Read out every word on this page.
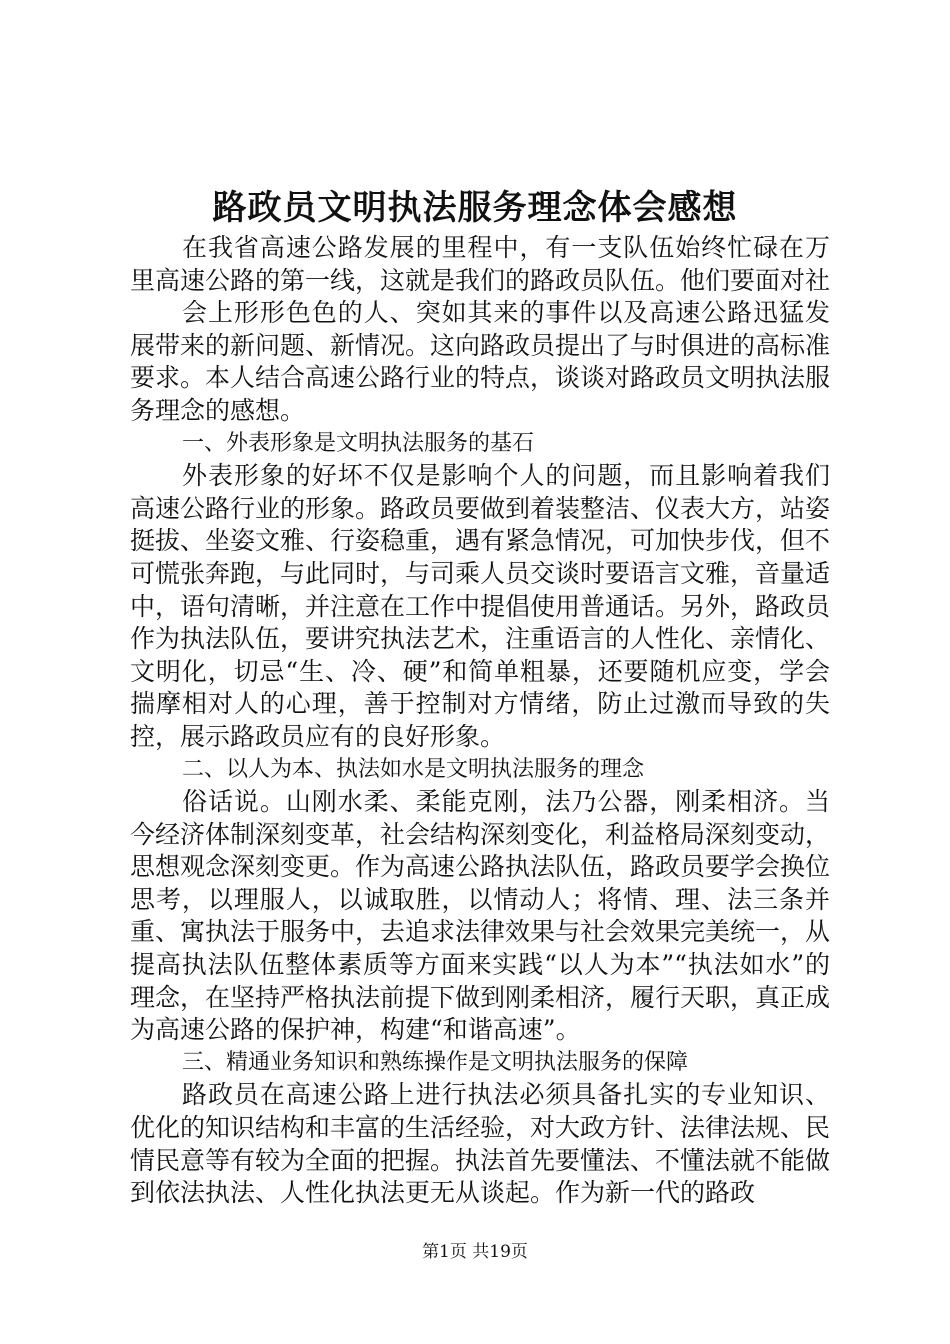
路政员文明执法服务理念体会感想

在我省高速公路发展的里程中，有一支队伍始终忙碌在万里高速公路的第一线，这就是我们的路政员队伍。他们要面对社

会上形形色色的人、突如其来的事件以及高速公路迅猛发展带来的新问题、新情况。这向路政员提出了与时俱进的高标准要求。本人结合高速公路行业的特点，谈谈对路政员文明执法服务理念的感想。

一、外表形象是文明执法服务的基石

外表形象的好坏不仅是影响个人的问题，而且影响着我们高速公路行业的形象。路政员要做到着装整洁、仪表大方，站姿挺拔、坐姿文雅、行姿稳重，遇有紧急情况，可加快步伐，但不可慌张奔跑，与此同时，与司乘人员交谈时要语言文雅，音量适中，语句清晰，并注意在工作中提倡使用普通话。另外，路政员作为执法队伍，要讲究执法艺术，注重语言的人性化、亲情化、文明化，切忌“生、冷、硬”和简单粗暴，还要随机应变，学会揣摩相对人的心理，善于控制对方情绪，防止过激而导致的失控，展示路政员应有的良好形象。

二、以人为本、执法如水是文明执法服务的理念

俗话说。山刚水柔、柔能克刚，法乃公器，刚柔相济。当今经济体制深刻变革，社会结构深刻变化，利益格局深刻变动，思想观念深刻变更。作为高速公路执法队伍，路政员要学会换位思考，以理服人，以诚取胜，以情动人；将情、理、法三条并重、寓执法于服务中，去追求法律效果与社会效果完美统一，从提高执法队伍整体素质等方面来实践“以人为本”“执法如水”的理念，在坚持严格执法前提下做到刚柔相济，履行天职，真正成为高速公路的保护神，构建“和谐高速”。

三、精通业务知识和熟练操作是文明执法服务的保障

路政员在高速公路上进行执法必须具备扎实的专业知识、优化的知识结构和丰富的生活经验，对大政方针、法律法规、民情民意等有较为全面的把握。执法首先要懂法、不懂法就不能做到依法执法、人性化执法更无从谈起。作为新一代的路政

第1页 共19页
